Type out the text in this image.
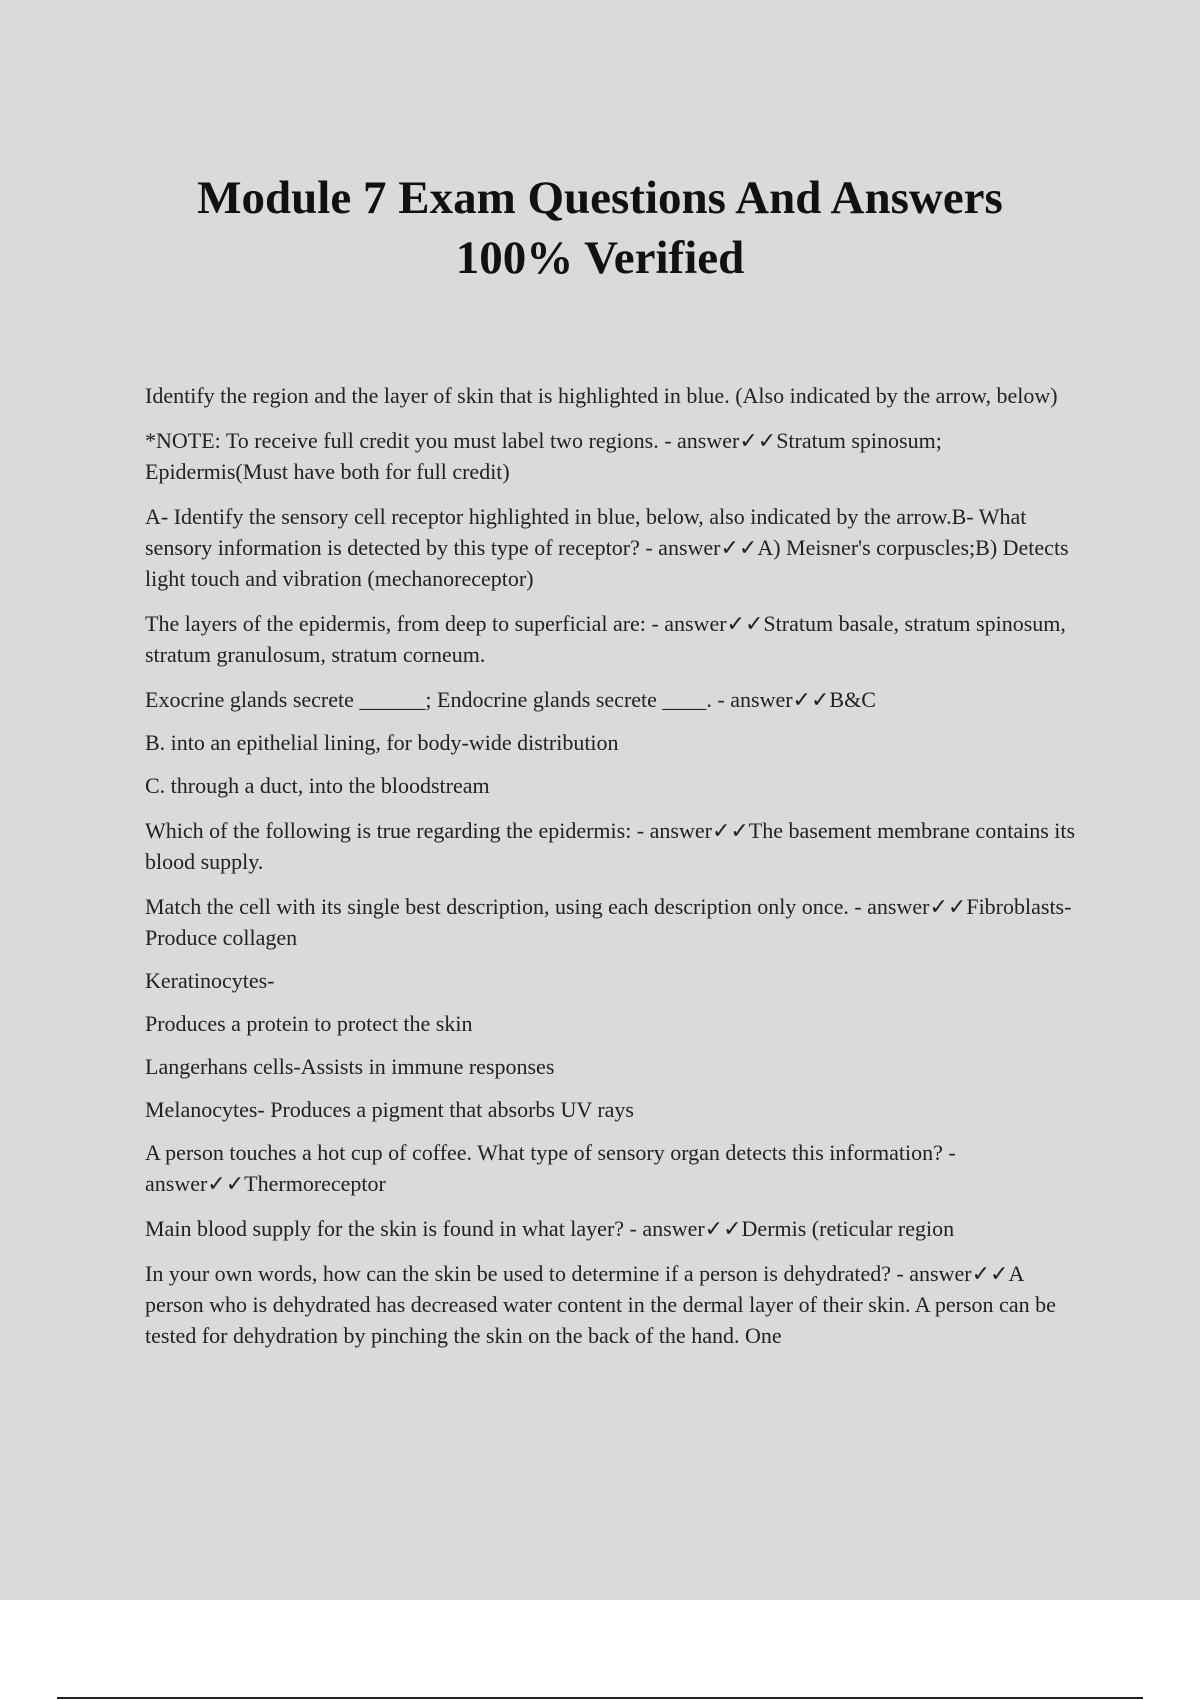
Module 7 Exam Questions And Answers
100% Verified

Identify the region and the layer of skin that is highlighted in blue. (Also indicated by the arrow, below)

*NOTE: To receive full credit you must label two regions. - answer✓✓Stratum spinosum; Epidermis(Must have both for full credit)

A- Identify the sensory cell receptor highlighted in blue, below, also indicated by the arrow.B- What sensory information is detected by this type of receptor? - answer✓✓A) Meisner's corpuscles;B) Detects light touch and vibration (mechanoreceptor)

The layers of the epidermis, from deep to superficial are: - answer✓✓Stratum basale, stratum spinosum, stratum granulosum, stratum corneum.

Exocrine glands secrete ______; Endocrine glands secrete ____. - answer✓✓B&C

B. into an epithelial lining, for body-wide distribution

C. through a duct, into the bloodstream

Which of the following is true regarding the epidermis: - answer✓✓The basement membrane contains its blood supply.

Match the cell with its single best description, using each description only once. - answer✓✓Fibroblasts-Produce collagen

Keratinocytes-

Produces a protein to protect the skin

Langerhans cells-Assists in immune responses

Melanocytes- Produces a pigment that absorbs UV rays

A person touches a hot cup of coffee. What type of sensory organ detects this information? - answer✓✓Thermoreceptor

Main blood supply for the skin is found in what layer? - answer✓✓Dermis (reticular region

In your own words, how can the skin be used to determine if a person is dehydrated? - answer✓✓A person who is dehydrated has decreased water content in the dermal layer of their skin. A person can be tested for dehydration by pinching the skin on the back of the hand. One
